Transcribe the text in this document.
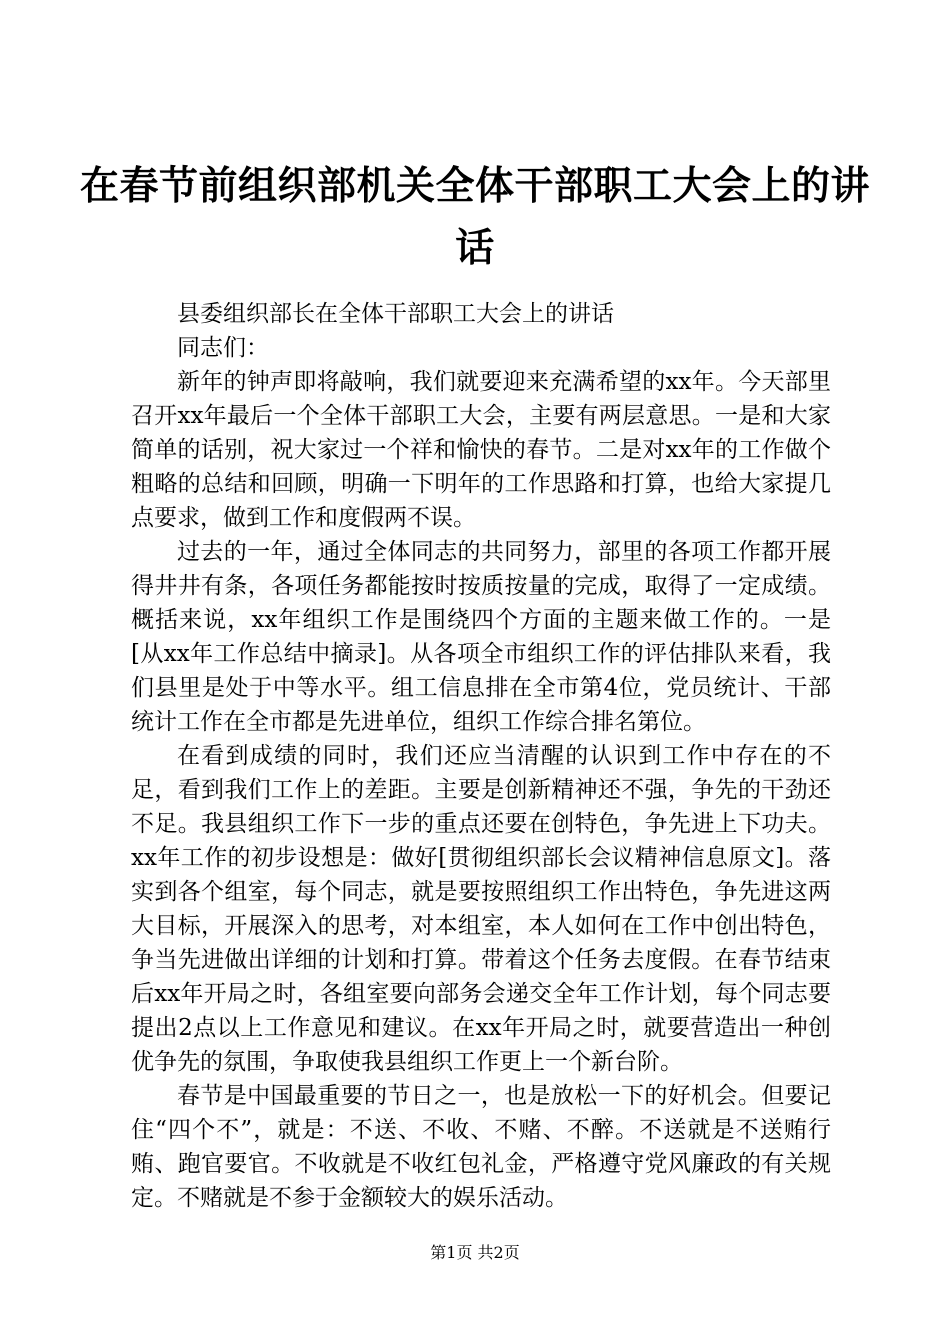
在春节前组织部机关全体干部职工大会上的讲

话

县委组织部长在全体干部职工大会上的讲话

同志们：

新年的钟声即将敲响，我们就要迎来充满希望的xx年。今天部里召开xx年最后一个全体干部职工大会，主要有两层意思。一是和大家简单的话别，祝大家过一个祥和愉快的春节。二是对xx年的工作做个粗略的总结和回顾，明确一下明年的工作思路和打算，也给大家提几点要求，做到工作和度假两不误。

过去的一年，通过全体同志的共同努力，部里的各项工作都开展得井井有条，各项任务都能按时按质按量的完成，取得了一定成绩。概括来说，xx年组织工作是围绕四个方面的主题来做工作的。一是[从xx年工作总结中摘录]。从各项全市组织工作的评估排队来看，我们县里是处于中等水平。组工信息排在全市第4位，党员统计、干部统计工作在全市都是先进单位，组织工作综合排名第位。

在看到成绩的同时，我们还应当清醒的认识到工作中存在的不足，看到我们工作上的差距。主要是创新精神还不强，争先的干劲还不足。我县组织工作下一步的重点还要在创特色，争先进上下功夫。xx年工作的初步设想是：做好[贯彻组织部长会议精神信息原文]。落实到各个组室，每个同志，就是要按照组织工作出特色，争先进这两大目标，开展深入的思考，对本组室，本人如何在工作中创出特色，争当先进做出详细的计划和打算。带着这个任务去度假。在春节结束后xx年开局之时，各组室要向部务会递交全年工作计划，每个同志要提出2点以上工作意见和建议。在xx年开局之时，就要营造出一种创优争先的氛围，争取使我县组织工作更上一个新台阶。

春节是中国最重要的节日之一，也是放松一下的好机会。但要记住“四个不”，就是：不送、不收、不赌、不醉。不送就是不送贿行贿、跑官要官。不收就是不收红包礼金，严格遵守党风廉政的有关规定。不赌就是不参于金额较大的娱乐活动。

第1页 共2页
